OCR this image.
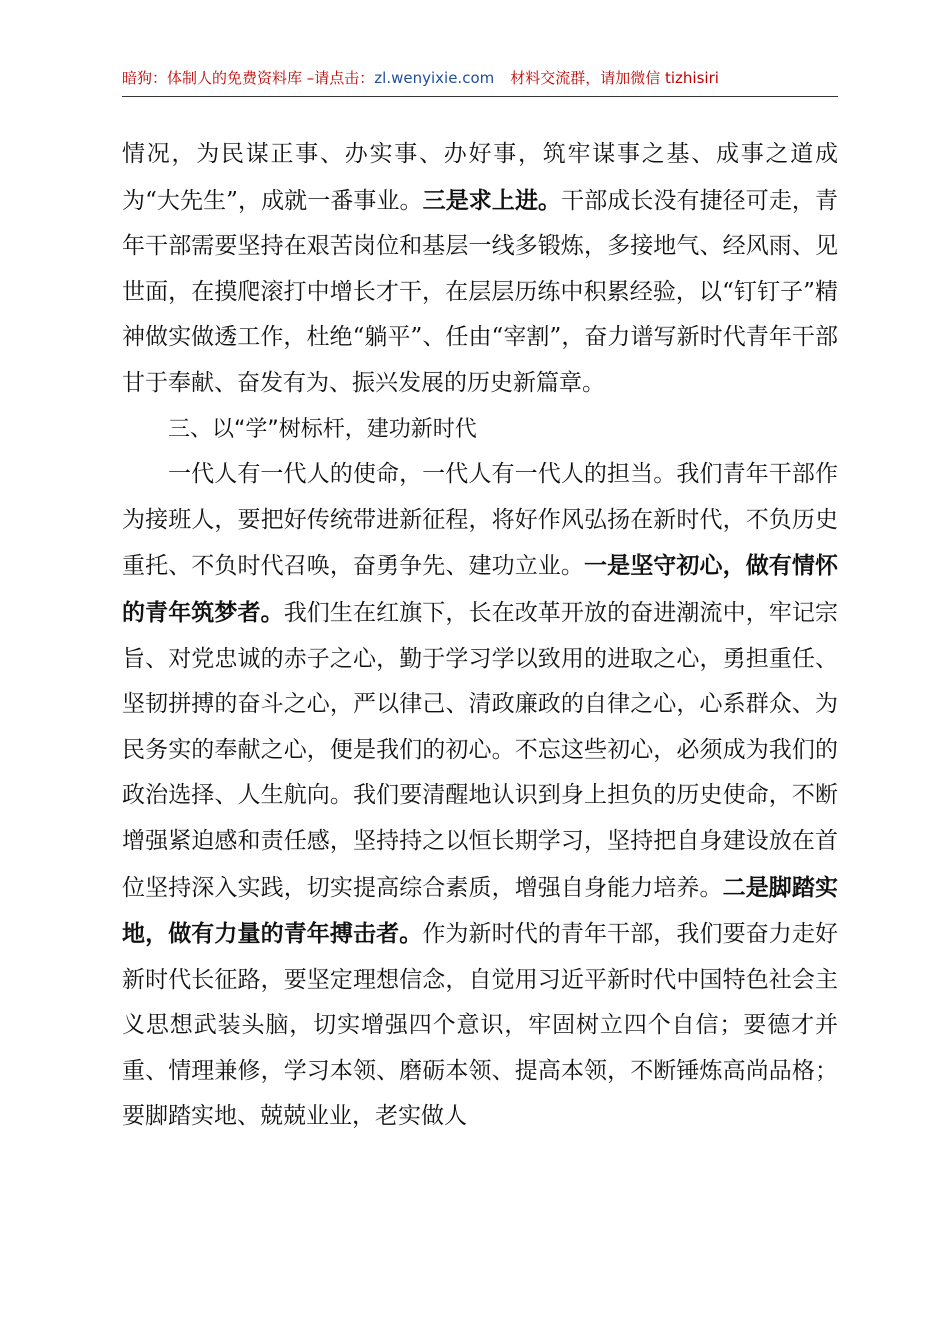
暗狗：体制人的免费资料库 –请点击：zl.wenyixie.com 材料交流群，请加微信 tizhisiri

情况，为民谋正事、办实事、办好事，筑牢谋事之基、成事之道成为“大先生”，成就一番事业。三是求上进。干部成长没有捷径可走，青年干部需要坚持在艰苦岗位和基层一线多锻炼，多接地气、经风雨、见世面，在摸爬滚打中增长才干，在层层历练中积累经验，以“钉钉子”精神做实做透工作，杜绝“躺平”、任由“宰割”，奋力谱写新时代青年干部甘于奉献、奋发有为、振兴发展的历史新篇章。

三、以“学”树标杆，建功新时代

一代人有一代人的使命，一代人有一代人的担当。我们青年干部作为接班人，要把好传统带进新征程，将好作风弘扬在新时代，不负历史重托、不负时代召唤，奋勇争先、建功立业。一是坚守初心，做有情怀的青年筑梦者。我们生在红旗下，长在改革开放的奋进潮流中，牢记宗旨、对党忠诚的赤子之心，勤于学习学以致用的进取之心，勇担重任、坚韧拼搏的奋斗之心，严以律己、清政廉政的自律之心，心系群众、为民务实的奉献之心，便是我们的初心。不忘这些初心，必须成为我们的政治选择、人生航向。我们要清醒地认识到身上担负的历史使命，不断增强紧迫感和责任感，坚持持之以恒长期学习，坚持把自身建设放在首位坚持深入实践，切实提高综合素质，增强自身能力培养。二是脚踏实地，做有力量的青年搏击者。作为新时代的青年干部，我们要奋力走好新时代长征路，要坚定理想信念，自觉用习近平新时代中国特色社会主义思想武装头脑，切实增强四个意识，牢固树立四个自信；要德才并重、情理兼修，学习本领、磨砺本领、提高本领，不断锤炼高尚品格；要脚踏实地、兢兢业业，老实做人
